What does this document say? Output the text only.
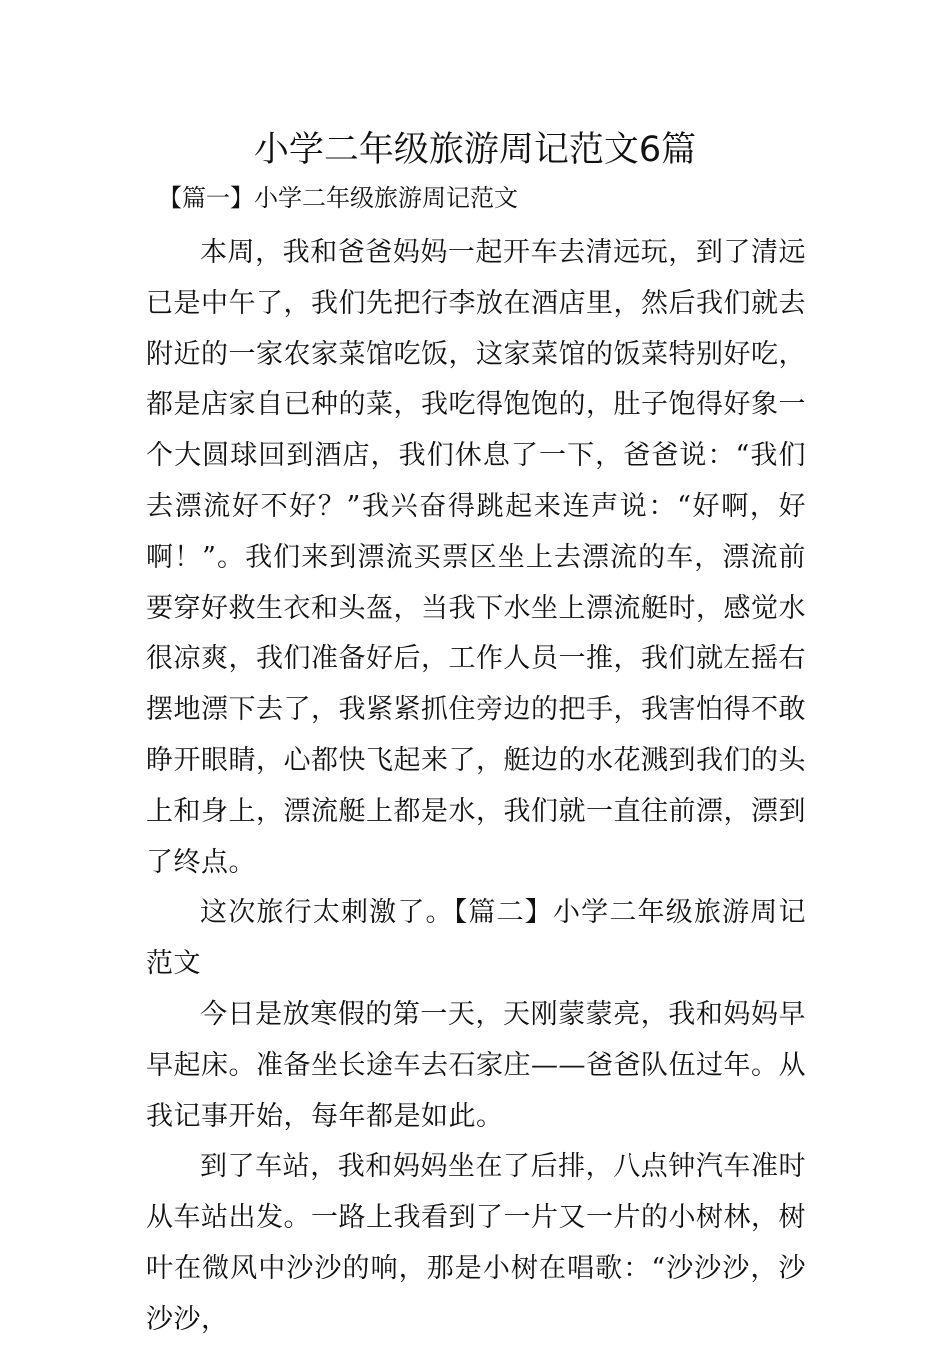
小学二年级旅游周记范文6篇
【篇一】小学二年级旅游周记范文

本周，我和爸爸妈妈一起开车去清远玩，到了清远已是中午了，我们先把行李放在酒店里，然后我们就去附近的一家农家菜馆吃饭，这家菜馆的饭菜特别好吃，都是店家自已种的菜，我吃得饱饱的，肚子饱得好象一个大圆球回到酒店，我们休息了一下，爸爸说：“我们去漂流好不好？”我兴奋得跳起来连声说：“好啊，好啊！”。我们来到漂流买票区坐上去漂流的车，漂流前要穿好救生衣和头盔，当我下水坐上漂流艇时，感觉水很凉爽，我们准备好后，工作人员一推，我们就左摇右摆地漂下去了，我紧紧抓住旁边的把手，我害怕得不敢睁开眼睛，心都快飞起来了，艇边的水花溅到我们的头上和身上，漂流艇上都是水，我们就一直往前漂，漂到了终点。

这次旅行太刺激了。【篇二】小学二年级旅游周记范文

今日是放寒假的第一天，天刚蒙蒙亮，我和妈妈早早起床。准备坐长途车去石家庄——爸爸队伍过年。从我记事开始，每年都是如此。

到了车站，我和妈妈坐在了后排，八点钟汽车准时从车站出发。一路上我看到了一片又一片的小树林，树叶在微风中沙沙的响，那是小树在唱歌：“沙沙沙，沙沙沙，
